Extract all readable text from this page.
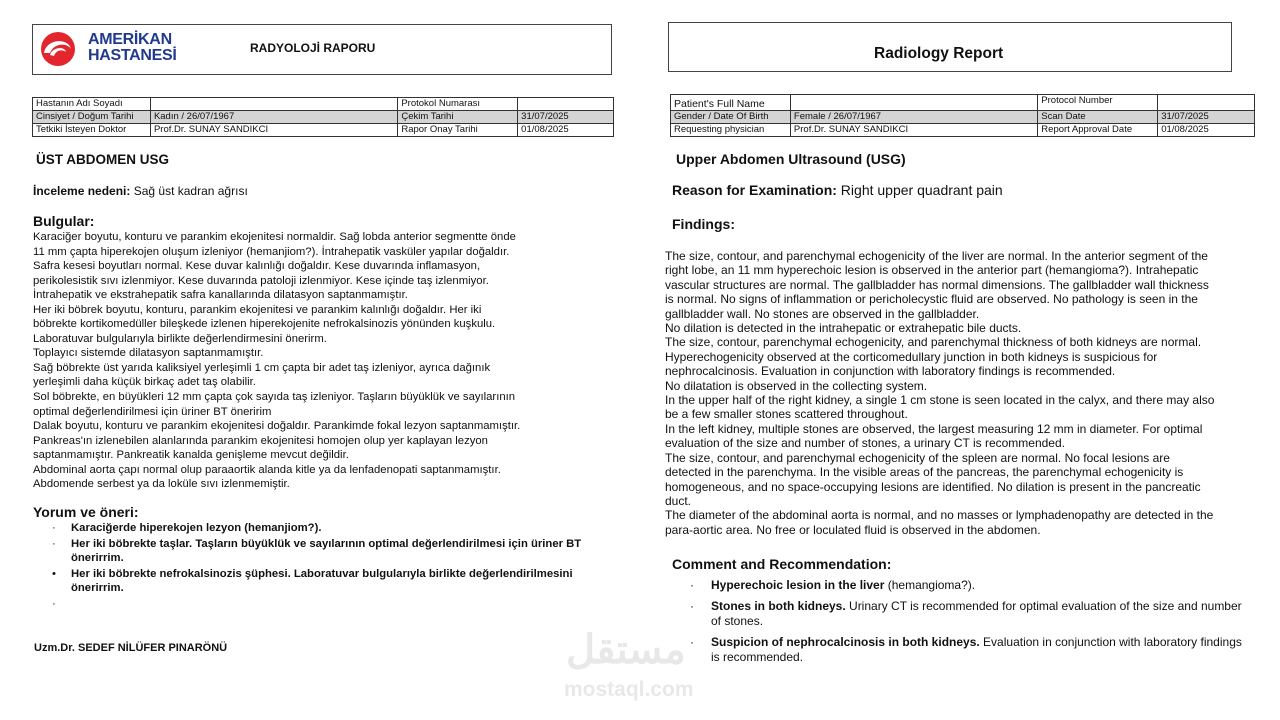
AMERİKAN
HASTANESİ	RADYOLOJİ RAPORU
Hastanın Adı Soyadı		Protokol Numarası	
Cinsiyet / Doğum Tarihi	Kadın / 26/07/1967	Çekim Tarihi	31/07/2025
Tetkiki İsteyen Doktor	Prof.Dr. SUNAY SANDIKCI	Rapor Onay Tarihi	01/08/2025
ÜST ABDOMEN USG
İnceleme nedeni: Sağ üst kadran ağrısı
Bulgular:
Karaciğer boyutu, konturu ve parankim ekojenitesi normaldir. Sağ lobda anterior segmentte önde
11 mm çapta hiperekojen oluşum izleniyor (hemanjiom?). İntrahepatik vasküler yapılar doğaldır.
Safra kesesi boyutları normal. Kese duvar kalınlığı doğaldır. Kese duvarında inflamasyon,
perikolesistik sıvı izlenmiyor. Kese duvarında patoloji izlenmiyor. Kese içinde taş izlenmiyor.
İntrahepatik ve ekstrahepatik safra kanallarında dilatasyon saptanmamıştır.
Her iki böbrek boyutu, konturu, parankim ekojenitesi ve parankim kalınlığı doğaldır. Her iki
böbrekte kortikomedüller bileşkede izlenen hiperekojenite nefrokalsinozis yönünden kuşkulu.
Laboratuvar bulgularıyla birlikte değerlendirmesini önerirm.
Toplayıcı sistemde dilatasyon saptanmamıştır.
Sağ böbrekte üst yarıda kaliksiyel yerleşimli 1 cm çapta bir adet taş izleniyor, ayrıca dağınık
yerleşimli daha küçük birkaç adet taş olabilir.
Sol böbrekte, en büyükleri 12 mm çapta çok sayıda taş izleniyor. Taşların büyüklük ve sayılarının
optimal değerlendirilmesi için üriner BT öneririm
Dalak boyutu, konturu ve parankim ekojenitesi doğaldır. Parankimde fokal lezyon saptanmamıştır.
Pankreas'ın izlenebilen alanlarında parankim ekojenitesi homojen olup yer kaplayan lezyon
saptanmamıştır. Pankreatik kanalda genişleme mevcut değildir.
Abdominal aorta çapı normal olup paraaortik alanda kitle ya da lenfadenopati saptanmamıştır.
Abdomende serbest ya da loküle sıvı izlenmemiştir.
Yorum ve öneri:
· Karaciğerde hiperekojen lezyon (hemanjiom?).
· Her iki böbrekte taşlar. Taşların büyüklük ve sayılarının optimal değerlendirilmesi için üriner BT önerirrim.
• Her iki böbrekte nefrokalsinozis şüphesi. Laboratuvar bulgularıyla birlikte değerlendirilmesini önerirrim.
·
Uzm.Dr. SEDEF NİLÜFER PINARÖNÜ
Radiology Report
Patient's Full Name		Protocol Number	
Gender / Date Of Birth	Female / 26/07/1967	Scan Date	31/07/2025
Requesting physician	Prof.Dr. SUNAY SANDIKCI	Report Approval Date	01/08/2025
Upper Abdomen Ultrasound (USG)
Reason for Examination: Right upper quadrant pain
Findings:
The size, contour, and parenchymal echogenicity of the liver are normal. In the anterior segment of the
right lobe, an 11 mm hyperechoic lesion is observed in the anterior part (hemangioma?). Intrahepatic
vascular structures are normal. The gallbladder has normal dimensions. The gallbladder wall thickness
is normal. No signs of inflammation or pericholecystic fluid are observed. No pathology is seen in the
gallbladder wall. No stones are observed in the gallbladder.
No dilation is detected in the intrahepatic or extrahepatic bile ducts.
The size, contour, parenchymal echogenicity, and parenchymal thickness of both kidneys are normal.
Hyperechogenicity observed at the corticomedullary junction in both kidneys is suspicious for
nephrocalcinosis. Evaluation in conjunction with laboratory findings is recommended.
No dilatation is observed in the collecting system.
In the upper half of the right kidney, a single 1 cm stone is seen located in the calyx, and there may also
be a few smaller stones scattered throughout.
In the left kidney, multiple stones are observed, the largest measuring 12 mm in diameter. For optimal
evaluation of the size and number of stones, a urinary CT is recommended.
The size, contour, and parenchymal echogenicity of the spleen are normal. No focal lesions are
detected in the parenchyma. In the visible areas of the pancreas, the parenchymal echogenicity is
homogeneous, and no space-occupying lesions are identified. No dilation is present in the pancreatic
duct.
The diameter of the abdominal aorta is normal, and no masses or lymphadenopathy are detected in the
para-aortic area. No free or loculated fluid is observed in the abdomen.
Comment and Recommendation:
· Hyperechoic lesion in the liver (hemangioma?).
· Stones in both kidneys. Urinary CT is recommended for optimal evaluation of the size and number of stones.
· Suspicion of nephrocalcinosis in both kidneys. Evaluation in conjunction with laboratory findings is recommended.
مستقل
mostaql.com
